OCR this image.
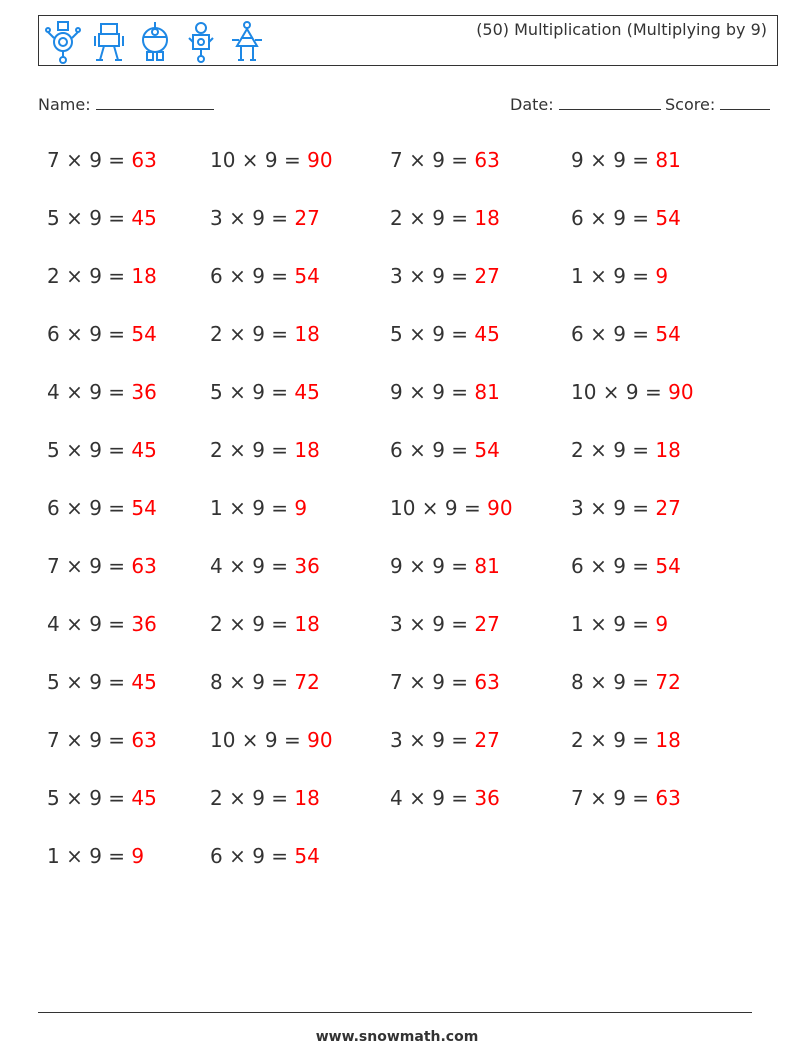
(50) Multiplication (Multiplying by 9)
Name:	Date:	Score:
7 × 9 = 63	10 × 9 = 90	7 × 9 = 63	9 × 9 = 81
5 × 9 = 45	3 × 9 = 27	2 × 9 = 18	6 × 9 = 54
2 × 9 = 18	6 × 9 = 54	3 × 9 = 27	1 × 9 = 9
6 × 9 = 54	2 × 9 = 18	5 × 9 = 45	6 × 9 = 54
4 × 9 = 36	5 × 9 = 45	9 × 9 = 81	10 × 9 = 90
5 × 9 = 45	2 × 9 = 18	6 × 9 = 54	2 × 9 = 18
6 × 9 = 54	1 × 9 = 9	10 × 9 = 90	3 × 9 = 27
7 × 9 = 63	4 × 9 = 36	9 × 9 = 81	6 × 9 = 54
4 × 9 = 36	2 × 9 = 18	3 × 9 = 27	1 × 9 = 9
5 × 9 = 45	8 × 9 = 72	7 × 9 = 63	8 × 9 = 72
7 × 9 = 63	10 × 9 = 90	3 × 9 = 27	2 × 9 = 18
5 × 9 = 45	2 × 9 = 18	4 × 9 = 36	7 × 9 = 63
1 × 9 = 9	6 × 9 = 54
www.snowmath.com
